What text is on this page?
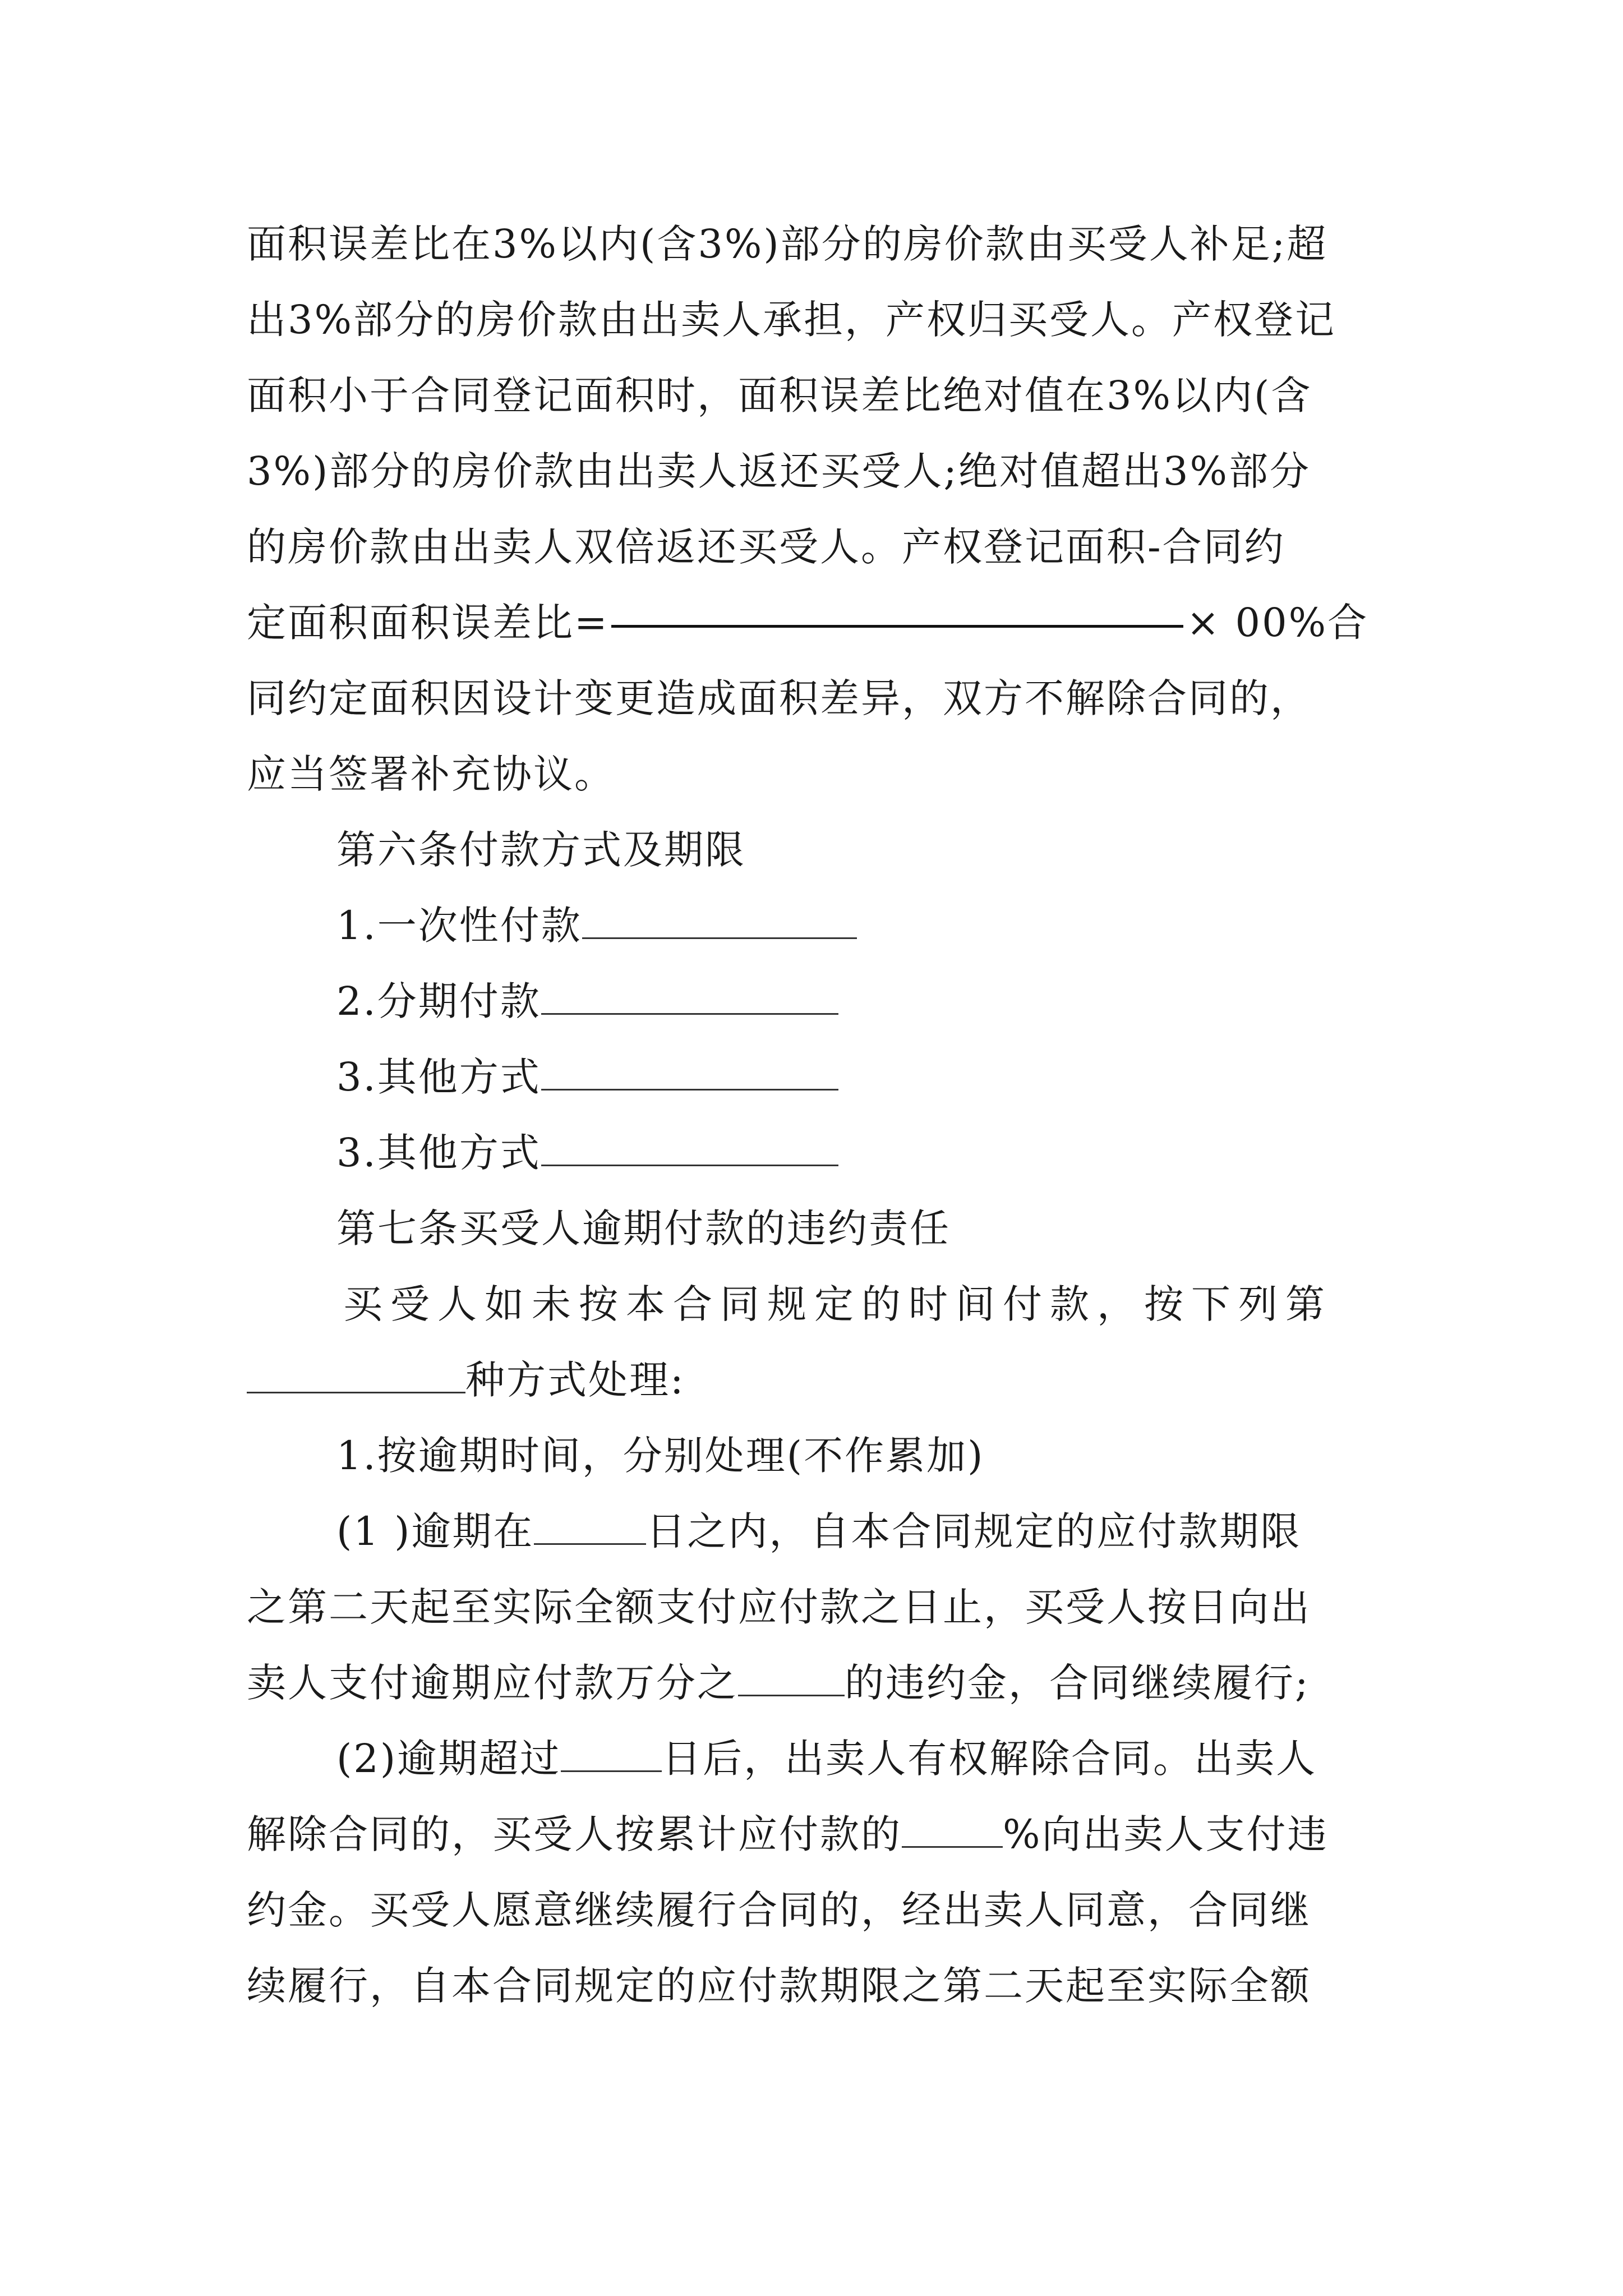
面积误差比在3%以内(含3%)部分的房价款由买受人补足;超
出3%部分的房价款由出卖人承担，产权归买受人。产权登记
面积小于合同登记面积时，面积误差比绝对值在3%以内(含
3%)部分的房价款由出卖人返还买受人;绝对值超出3%部分
的房价款由出卖人双倍返还买受人。产权登记面积-合同约
定面积面积误差比=	× 00%合
同约定面积因设计变更造成面积差异，双方不解除合同的，
应当签署补充协议。
第六条付款方式及期限
1.一次性付款
2.分期付款
3.其他方式
3.其他方式
第七条买受人逾期付款的违约责任
买受人如未按本合同规定的时间付款，按下列第
种方式处理:
1.按逾期时间，分别处理(不作累加)
(1 )逾期在	日之内，自本合同规定的应付款期限
之第二天起至实际全额支付应付款之日止，买受人按日向出
卖人支付逾期应付款万分之	的违约金，合同继续履行;
(2)逾期超过	日后，出卖人有权解除合同。出卖人
解除合同的，买受人按累计应付款的	%向出卖人支付违
约金。买受人愿意继续履行合同的，经出卖人同意，合同继
续履行，自本合同规定的应付款期限之第二天起至实际全额
